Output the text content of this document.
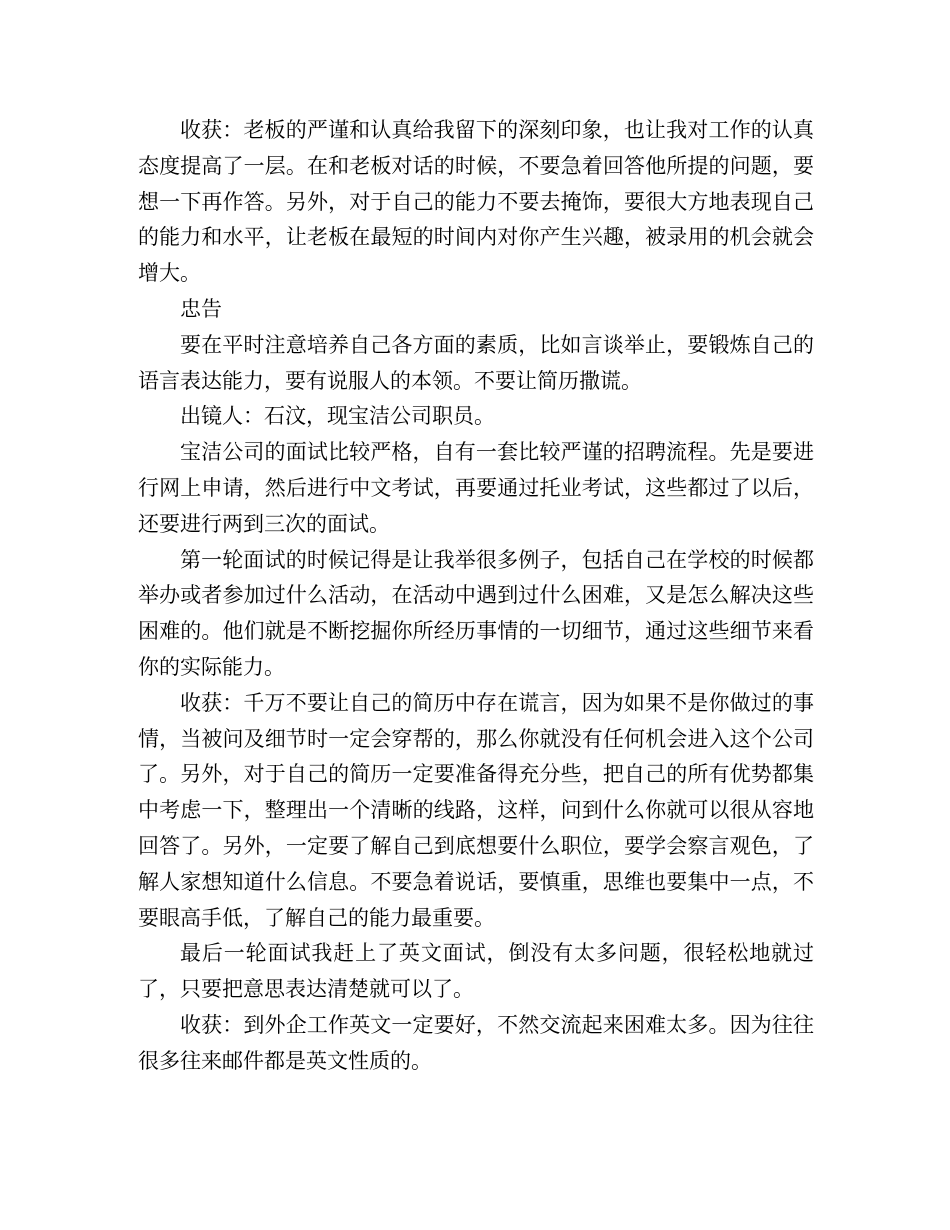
收获：老板的严谨和认真给我留下的深刻印象，也让我对工作的认真态度提高了一层。在和老板对话的时候，不要急着回答他所提的问题，要想一下再作答。另外，对于自己的能力不要去掩饰，要很大方地表现自己的能力和水平，让老板在最短的时间内对你产生兴趣，被录用的机会就会增大。

忠告

要在平时注意培养自己各方面的素质，比如言谈举止，要锻炼自己的语言表达能力，要有说服人的本领。不要让简历撒谎。

出镜人：石汶，现宝洁公司职员。

宝洁公司的面试比较严格，自有一套比较严谨的招聘流程。先是要进行网上申请，然后进行中文考试，再要通过托业考试，这些都过了以后，还要进行两到三次的面试。

第一轮面试的时候记得是让我举很多例子，包括自己在学校的时候都举办或者参加过什么活动，在活动中遇到过什么困难，又是怎么解决这些困难的。他们就是不断挖掘你所经历事情的一切细节，通过这些细节来看你的实际能力。

收获：千万不要让自己的简历中存在谎言，因为如果不是你做过的事情，当被问及细节时一定会穿帮的，那么你就没有任何机会进入这个公司了。另外，对于自己的简历一定要准备得充分些，把自己的所有优势都集中考虑一下，整理出一个清晰的线路，这样，问到什么你就可以很从容地回答了。另外，一定要了解自己到底想要什么职位，要学会察言观色，了解人家想知道什么信息。不要急着说话，要慎重，思维也要集中一点，不要眼高手低，了解自己的能力最重要。

最后一轮面试我赶上了英文面试，倒没有太多问题，很轻松地就过了，只要把意思表达清楚就可以了。

收获：到外企工作英文一定要好，不然交流起来困难太多。因为往往很多往来邮件都是英文性质的。
